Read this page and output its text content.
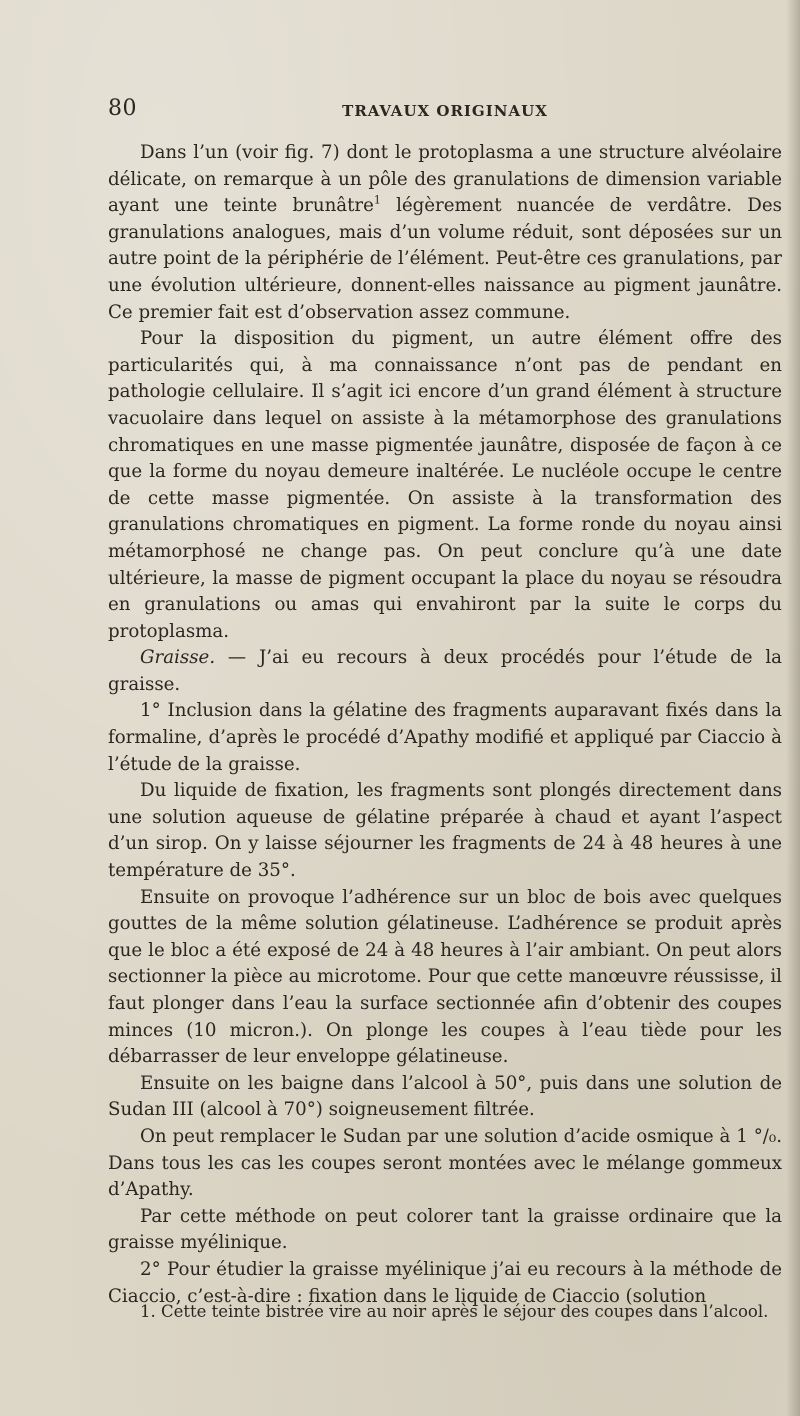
80	TRAVAUX ORIGINAUX

Dans l’un (voir fig. 7) dont le protoplasma a une structure alvéolaire délicate, on remarque à un pôle des granulations de dimension variable ayant une teinte brunâtre$^1$ légèrement nuancée de verdâtre. Des granulations analogues, mais d’un volume réduit, sont déposées sur un autre point de la périphérie de l’élément. Peut-être ces granulations, par une évolution ultérieure, donnent-elles naissance au pigment jaunâtre. Ce premier fait est d’observation assez commune.

Pour la disposition du pigment, un autre élément offre des particularités qui, à ma connaissance n’ont pas de pendant en pathologie cellulaire. Il s’agit ici encore d’un grand élément à structure vacuolaire dans lequel on assiste à la métamorphose des granulations chromatiques en une masse pigmentée jaunâtre, disposée de façon à ce que la forme du noyau demeure inaltérée. Le nucléole occupe le centre de cette masse pigmentée. On assiste à la transformation des granulations chromatiques en pigment. La forme ronde du noyau ainsi métamorphosé ne change pas. On peut conclure qu’à une date ultérieure, la masse de pigment occupant la place du noyau se résoudra en granulations ou amas qui envahiront par la suite le corps du protoplasma.

Graisse. — J’ai eu recours à deux procédés pour l’étude de la graisse.

1° Inclusion dans la gélatine des fragments auparavant fixés dans la formaline, d’après le procédé d’Apathy modifié et appliqué par Ciaccio à l’étude de la graisse.

Du liquide de fixation, les fragments sont plongés directement dans une solution aqueuse de gélatine préparée à chaud et ayant l’aspect d’un sirop. On y laisse séjourner les fragments de 24 à 48 heures à une température de 35°.

Ensuite on provoque l’adhérence sur un bloc de bois avec quelques gouttes de la même solution gélatineuse. L’adhérence se produit après que le bloc a été exposé de 24 à 48 heures à l’air ambiant. On peut alors sectionner la pièce au microtome. Pour que cette manœuvre réussisse, il faut plonger dans l’eau la surface sectionnée afin d’obtenir des coupes minces (10 micron.). On plonge les coupes à l’eau tiède pour les débarrasser de leur enveloppe gélatineuse.

Ensuite on les baigne dans l’alcool à 50°, puis dans une solution de Sudan III (alcool à 70°) soigneusement filtrée.

On peut remplacer le Sudan par une solution d’acide osmique à 1 °/₀. Dans tous les cas les coupes seront montées avec le mélange gommeux d’Apathy.

Par cette méthode on peut colorer tant la graisse ordinaire que la graisse myélinique.

2° Pour étudier la graisse myélinique j’ai eu recours à la méthode de Ciaccio, c’est-à-dire : fixation dans le liquide de Ciaccio (solution

1. Cette teinte bistrée vire au noir après le séjour des coupes dans l’alcool.
